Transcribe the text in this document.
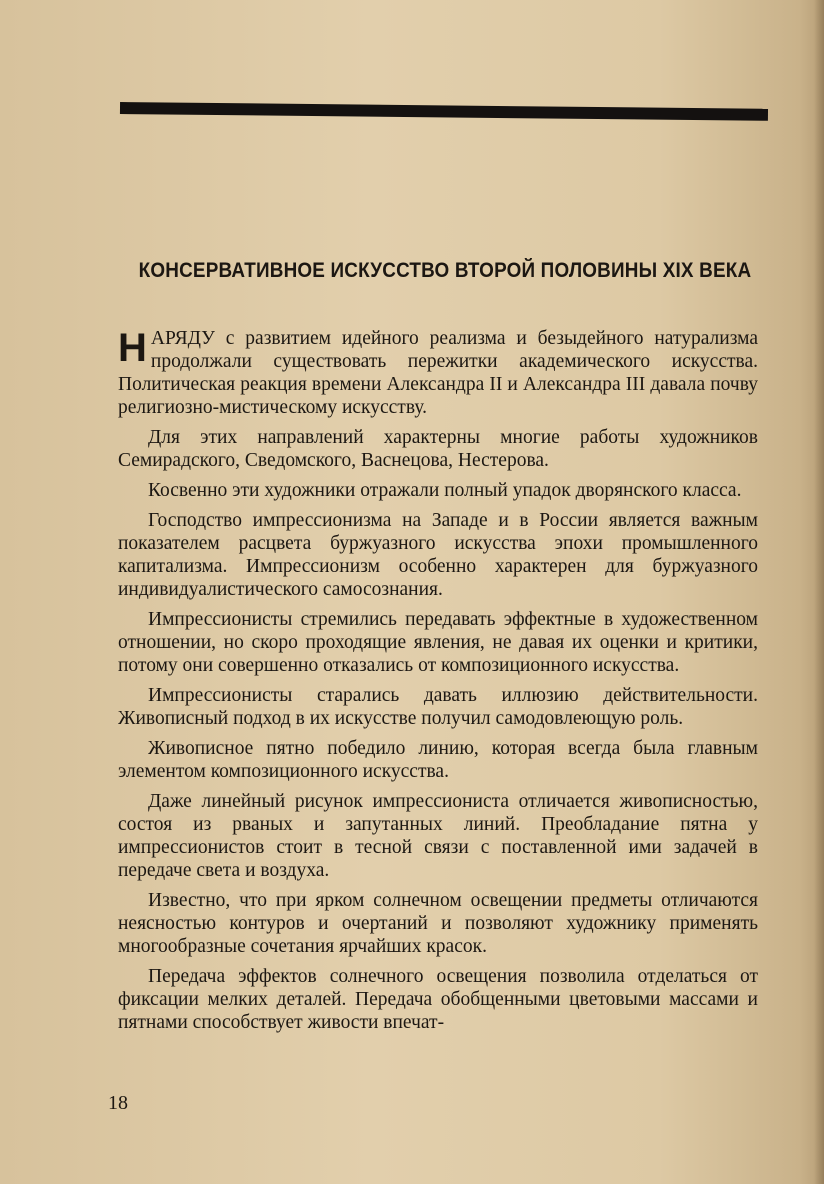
КОНСЕРВАТИВНОЕ ИСКУССТВО ВТОРОЙ ПОЛОВИНЫ XIX ВЕКА

Н АРЯДУ с развитием идейного реализма и безыдейного натурализма продолжали существовать пережитки академического искусства. Политическая реакция времени Александра II и Александра III давала почву религиозно-мистическому искусству.

Для этих направлений характерны многие работы художников Семирадского, Сведомского, Васнецова, Нестерова.

Косвенно эти художники отражали полный упадок дворянского класса.

Господство импрессионизма на Западе и в России является важным показателем расцвета буржуазного искусства эпохи промышленного капитализма. Импрессионизм особенно характерен для буржуазного индивидуалистического самосознания.

Импрессионисты стремились передавать эффектные в художественном отношении, но скоро проходящие явления, не давая их оценки и критики, потому они совершенно отказались от композиционного искусства.

Импрессионисты старались давать иллюзию действительности. Живописный подход в их искусстве получил самодовлеющую роль.

Живописное пятно победило линию, которая всегда была главным элементом композиционного искусства.

Даже линейный рисунок импрессиониста отличается живописностью, состоя из рваных и запутанных линий. Преобладание пятна у импрессионистов стоит в тесной связи с поставленной ими задачей в передаче света и воздуха.

Известно, что при ярком солнечном освещении предметы отличаются неясностью контуров и очертаний и позволяют художнику применять многообразные сочетания ярчайших красок.

Передача эффектов солнечного освещения позволила отделаться от фиксации мелких деталей. Передача обобщенными цветовыми массами и пятнами способствует живости впечат-

18
